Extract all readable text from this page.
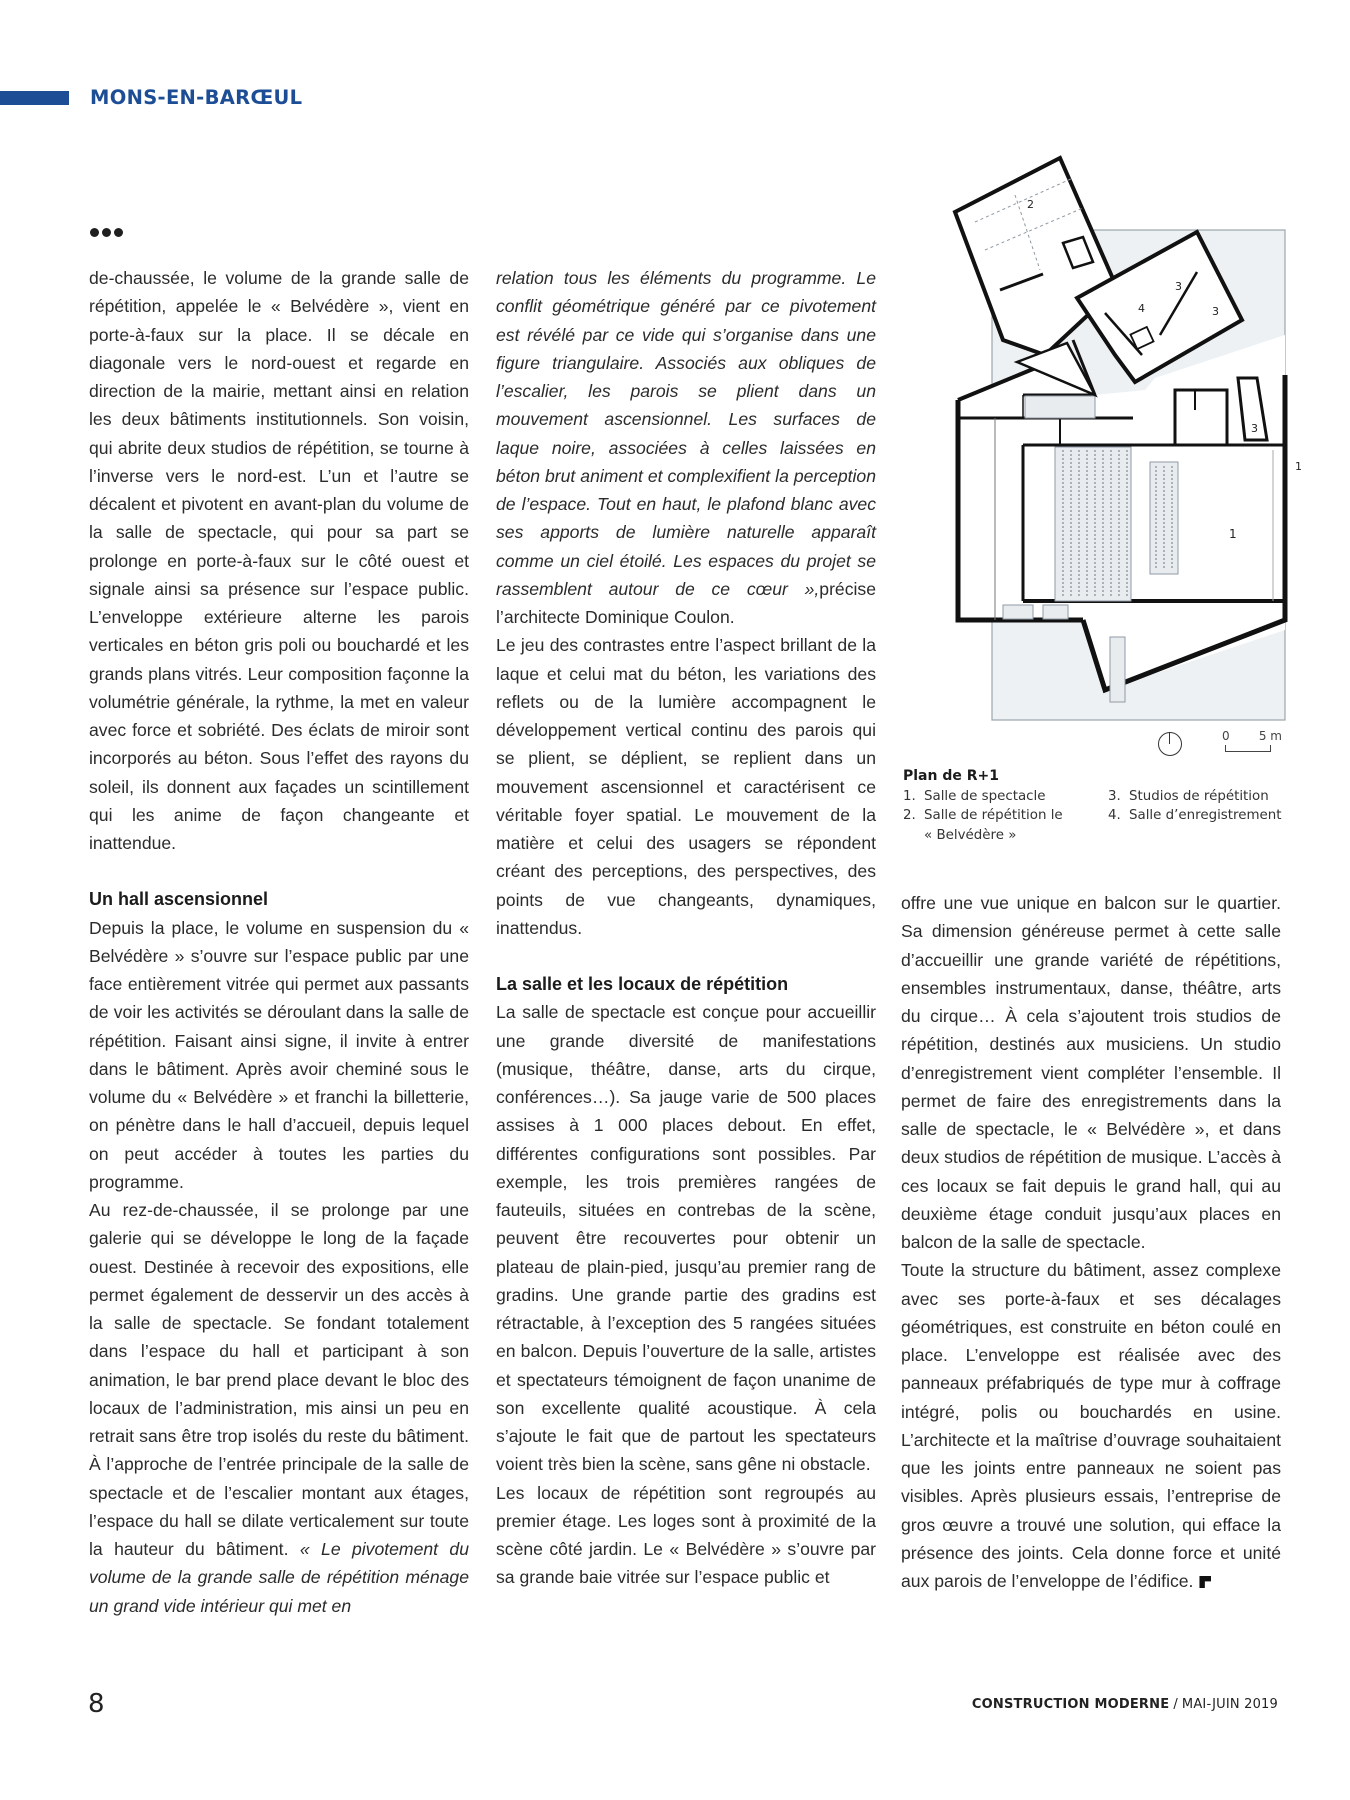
MONS-EN-BARŒUL

de-chaussée, le volume de la grande salle de répétition, appelée le « Belvédère », vient en porte-à-faux sur la place. Il se décale en diagonale vers le nord-ouest et regarde en direction de la mairie, mettant ainsi en relation les deux bâtiments institutionnels. Son voisin, qui abrite deux studios de répétition, se tourne à l’inverse vers le nord-est. L’un et l’autre se décalent et pivotent en avant-plan du volume de la salle de spectacle, qui pour sa part se prolonge en porte-à-faux sur le côté ouest et signale ainsi sa présence sur l’espace public. L’enveloppe extérieure alterne les parois verticales en béton gris poli ou bouchardé et les grands plans vitrés. Leur composition façonne la volumétrie générale, la rythme, la met en valeur avec force et sobriété. Des éclats de miroir sont incorporés au béton. Sous l’effet des rayons du soleil, ils donnent aux façades un scintillement qui les anime de façon changeante et inattendue.

Un hall ascensionnel

Depuis la place, le volume en suspension du « Belvédère » s’ouvre sur l’espace public par une face entièrement vitrée qui permet aux passants de voir les activités se déroulant dans la salle de répétition. Faisant ainsi signe, il invite à entrer dans le bâtiment. Après avoir cheminé sous le volume du « Belvédère » et franchi la billetterie, on pénètre dans le hall d’accueil, depuis lequel on peut accéder à toutes les parties du programme.

Au rez-de-chaussée, il se prolonge par une galerie qui se développe le long de la façade ouest. Destinée à recevoir des expositions, elle permet également de desservir un des accès à la salle de spectacle. Se fondant totalement dans l’espace du hall et participant à son animation, le bar prend place devant le bloc des locaux de l’administration, mis ainsi un peu en retrait sans être trop isolés du reste du bâtiment. À l’approche de l’entrée principale de la salle de spectacle et de l’escalier montant aux étages, l’espace du hall se dilate verticalement sur toute la hauteur du bâtiment. « Le pivotement du volume de la grande salle de répétition ménage un grand vide intérieur qui met en

relation tous les éléments du programme. Le conflit géométrique généré par ce pivotement est révélé par ce vide qui s’organise dans une figure triangulaire. Associés aux obliques de l’escalier, les parois se plient dans un mouvement ascensionnel. Les surfaces de laque noire, associées à celles laissées en béton brut animent et complexifient la perception de l’espace. Tout en haut, le plafond blanc avec ses apports de lumière naturelle apparaît comme un ciel étoilé. Les espaces du projet se rassemblent autour de ce cœur »,précise l’architecte Dominique Coulon.

Le jeu des contrastes entre l’aspect brillant de la laque et celui mat du béton, les variations des reflets ou de la lumière accompagnent le développement vertical continu des parois qui se plient, se déplient, se replient dans un mouvement ascensionnel et caractérisent ce véritable foyer spatial. Le mouvement de la matière et celui des usagers se répondent créant des perceptions, des perspectives, des points de vue changeants, dynamiques, inattendus.

La salle et les locaux de répétition

La salle de spectacle est conçue pour accueillir une grande diversité de manifestations (musique, théâtre, danse, arts du cirque, conférences…). Sa jauge varie de 500 places assises à 1 000 places debout. En effet, différentes configurations sont possibles. Par exemple, les trois premières rangées de fauteuils, situées en contrebas de la scène, peuvent être recouvertes pour obtenir un plateau de plain-pied, jusqu’au premier rang de gradins. Une grande partie des gradins est rétractable, à l’exception des 5 rangées situées en balcon. Depuis l’ouverture de la salle, artistes et spectateurs témoignent de façon unanime de son excellente qualité acoustique. À cela s’ajoute le fait que de partout les spectateurs voient très bien la scène, sans gêne ni obstacle.

Les locaux de répétition sont regroupés au premier étage. Les loges sont à proximité de la scène côté jardin. Le « Belvédère » s’ouvre par sa grande baie vitrée sur l’espace public et

2
1
3
3
3
4
1
0 5 m
Plan de R+1
1. Salle de spectacle	3. Studios de répétition
2. Salle de répétition le « Belvédère »
4. Salle d’enregistrement

offre une vue unique en balcon sur le quartier. Sa dimension généreuse permet à cette salle d’accueillir une grande variété de répétitions, ensembles instrumentaux, danse, théâtre, arts du cirque… À cela s’ajoutent trois studios de répétition, destinés aux musiciens. Un studio d’enregistrement vient compléter l’ensemble. Il permet de faire des enregistrements dans la salle de spectacle, le « Belvédère », et dans deux studios de répétition de musique. L’accès à ces locaux se fait depuis le grand hall, qui au deuxième étage conduit jusqu’aux places en balcon de la salle de spectacle.

Toute la structure du bâtiment, assez complexe avec ses porte-à-faux et ses décalages géométriques, est construite en béton coulé en place. L’enveloppe est réalisée avec des panneaux préfabriqués de type mur à coffrage intégré, polis ou bouchardés en usine. L’architecte et la maîtrise d’ouvrage souhaitaient que les joints entre panneaux ne soient pas visibles. Après plusieurs essais, l’entreprise de gros œuvre a trouvé une solution, qui efface la présence des joints. Cela donne force et unité aux parois de l’enveloppe de l’édifice.

8	CONSTRUCTION MODERNE / MAI-JUIN 2019
